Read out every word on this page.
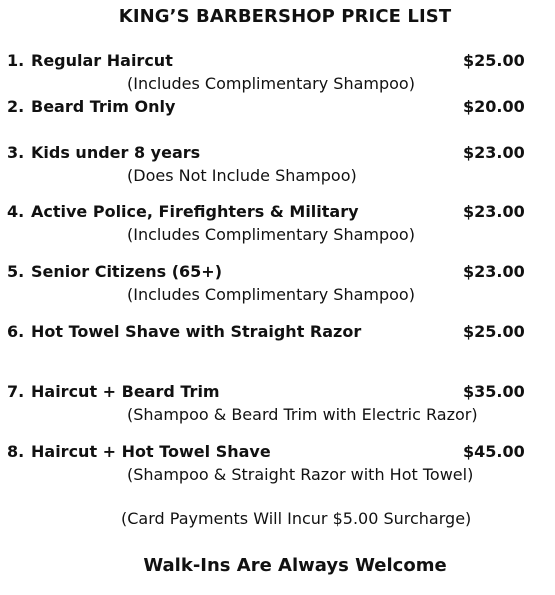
KING’S BARBERSHOP PRICE LIST
1. Regular Haircut	$25.00
(Includes Complimentary Shampoo)
2. Beard Trim Only	$20.00
3. Kids under 8 years	$23.00
(Does Not Include Shampoo)
4. Active Police, Firefighters & Military	$23.00
(Includes Complimentary Shampoo)
5. Senior Citizens (65+)	$23.00
(Includes Complimentary Shampoo)
6. Hot Towel Shave with Straight Razor	$25.00
7. Haircut + Beard Trim	$35.00
(Shampoo & Beard Trim with Electric Razor)
8. Haircut + Hot Towel Shave	$45.00
(Shampoo & Straight Razor with Hot Towel)
(Card Payments Will Incur $5.00 Surcharge)
Walk-Ins Are Always Welcome
